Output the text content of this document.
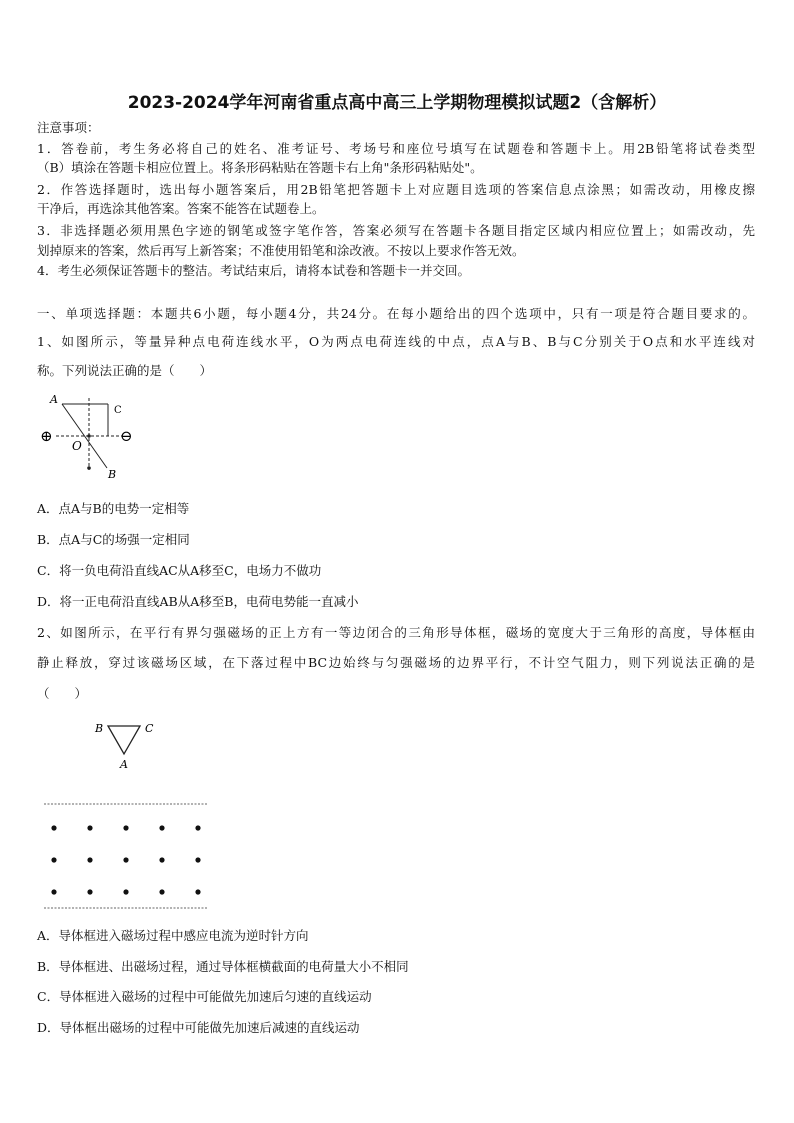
2023-2024学年河南省重点高中高三上学期物理模拟试题2（含解析）
注意事项：
1．答卷前，考生务必将自己的姓名、准考证号、考场号和座位号填写在试题卷和答题卡上。用2B铅笔将试卷类型
（B）填涂在答题卡相应位置上。将条形码粘贴在答题卡右上角"条形码粘贴处"。
2．作答选择题时，选出每小题答案后，用2B铅笔把答题卡上对应题目选项的答案信息点涂黑；如需改动，用橡皮擦
干净后，再选涂其他答案。答案不能答在试题卷上。
3．非选择题必须用黑色字迹的钢笔或签字笔作答，答案必须写在答题卡各题目指定区域内相应位置上；如需改动，先
划掉原来的答案，然后再写上新答案；不准使用铅笔和涂改液。不按以上要求作答无效。
4．考生必须保证答题卡的整洁。考试结束后，请将本试卷和答题卡一并交回。
一、单项选择题：本题共6小题，每小题4分，共24分。在每小题给出的四个选项中，只有一项是符合题目要求的。
1、如图所示，等量异种点电荷连线水平，O为两点电荷连线的中点，点A与B、B与C分别关于O点和水平连线对
称。下列说法正确的是（　　）
⊕	⊖
A
C
O
B
A．点A与B的电势一定相等
B．点A与C的场强一定相同
C．将一负电荷沿直线AC从A移至C，电场力不做功
D．将一正电荷沿直线AB从A移至B，电荷电势能一直减小
2、如图所示，在平行有界匀强磁场的正上方有一等边闭合的三角形导体框，磁场的宽度大于三角形的高度，导体框由
静止释放，穿过该磁场区域，在下落过程中BC边始终与匀强磁场的边界平行，不计空气阻力，则下列说法正确的是
（　　）
B	C
A
A．导体框进入磁场过程中感应电流为逆时针方向
B．导体框进、出磁场过程，通过导体框横截面的电荷量大小不相同
C．导体框进入磁场的过程中可能做先加速后匀速的直线运动
D．导体框出磁场的过程中可能做先加速后减速的直线运动
